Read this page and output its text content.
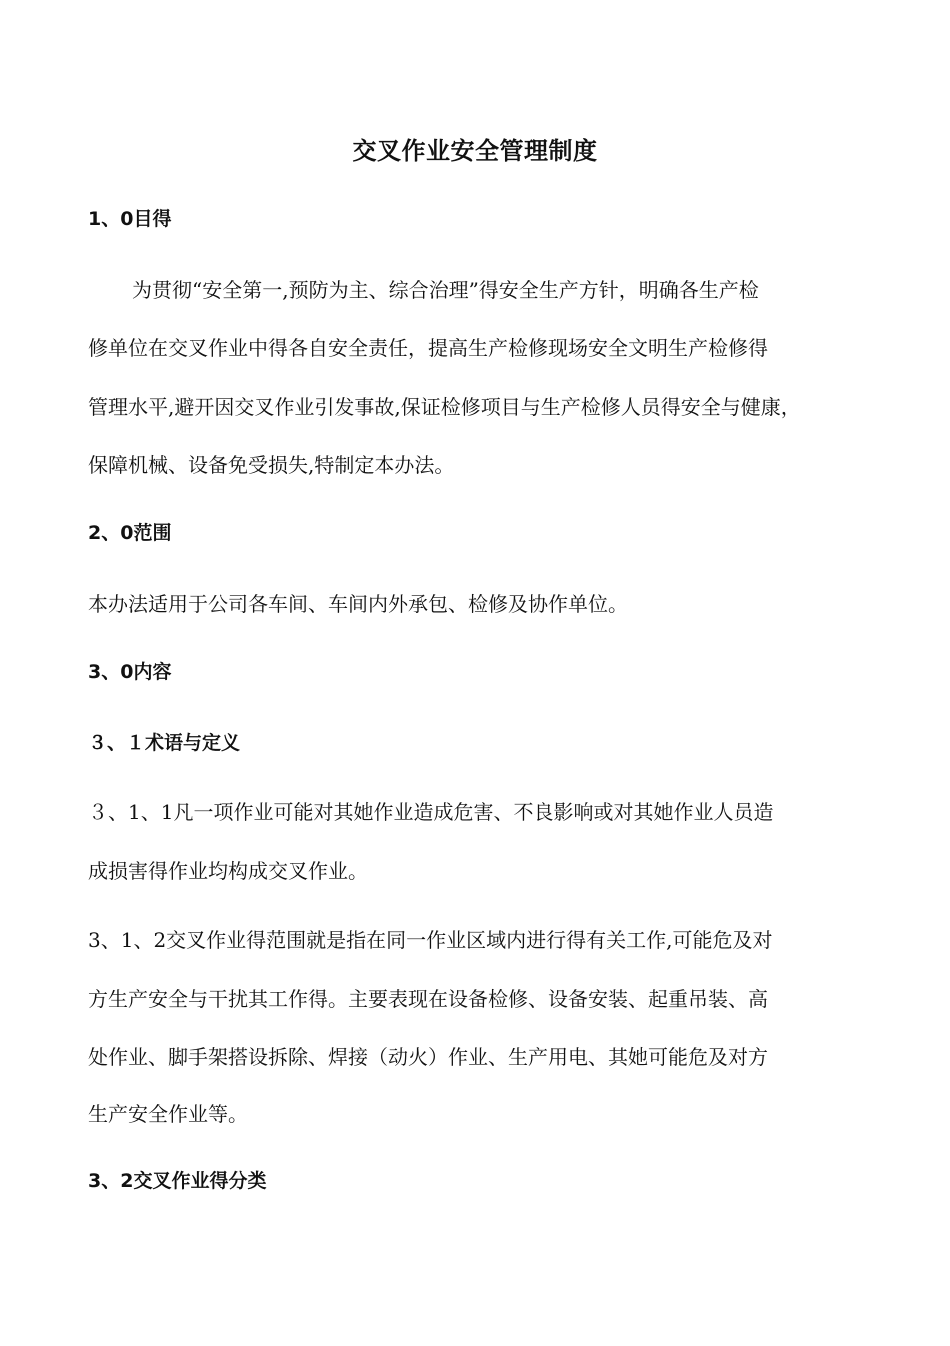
交叉作业安全管理制度
1、0目得
为贯彻“安全第一,预防为主、综合治理”得安全生产方针，明确各生产检
修单位在交叉作业中得各自安全责任，提高生产检修现场安全文明生产检修得
管理水平,避开因交叉作业引发事故,保证检修项目与生产检修人员得安全与健康，
保障机械、设备免受损失,特制定本办法。
2、0范围
本办法适用于公司各车间、车间内外承包、检修及协作单位。
3、0内容
３、１术语与定义
３、1、1凡一项作业可能对其她作业造成危害、不良影响或对其她作业人员造
成损害得作业均构成交叉作业。
3、1、2交叉作业得范围就是指在同一作业区域内进行得有关工作,可能危及对
方生产安全与干扰其工作得。主要表现在设备检修、设备安装、起重吊装、高
处作业、脚手架搭设拆除、焊接（动火）作业、生产用电、其她可能危及对方
生产安全作业等。
3、2交叉作业得分类
